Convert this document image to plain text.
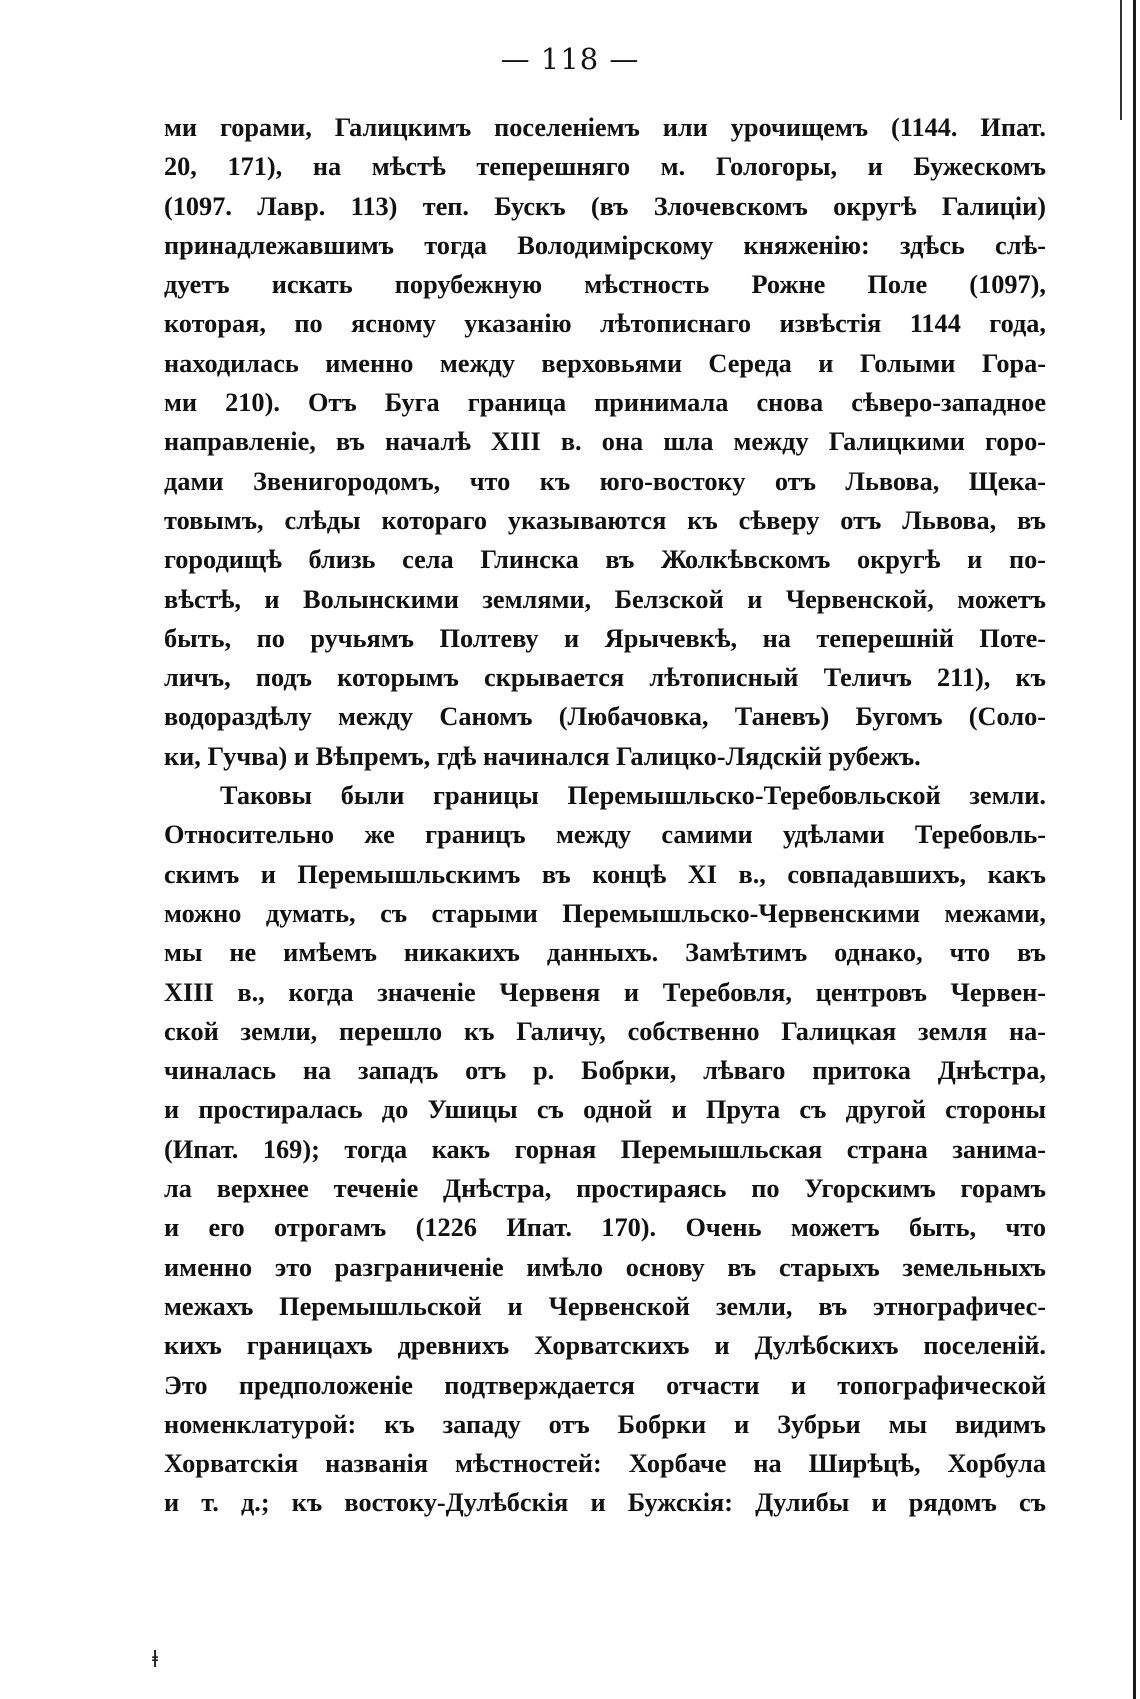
— 118 —
ми горами, Галицкимъ поселеніемъ или урочищемъ (1144. Ипат.
20, 171), на мѣстѣ теперешняго м. Гологоры, и Бужескомъ
(1097. Лавр. 113) теп. Бускъ (въ Злочевскомъ округѣ Галиціи)
принадлежавшимъ тогда Володимірскому княженію: здѣсь слѣ-
дуетъ искать порубежную мѣстность Рожне Поле (1097),
которая, по ясному указанію лѣтописнаго извѣстія 1144 года,
находилась именно между верховьями Середа и Голыми Гора-
ми 210). Отъ Буга граница принимала снова сѣверо-западное
направленіе, въ началѣ XIII в. она шла между Галицкими горо-
дами Звенигородомъ, что къ юго-востоку отъ Львова, Щека-
товымъ, слѣды котораго указываются къ сѣверу отъ Львова, въ
городищѣ близь села Глинска въ Жолкѣвскомъ округѣ и по-
вѣстѣ, и Волынскими землями, Белзской и Червенской, можетъ
быть, по ручьямъ Полтеву и Ярычевкѣ, на теперешній Поте-
личъ, подъ которымъ скрывается лѣтописный Теличъ 211), къ
водораздѣлу между Саномъ (Любачовка, Таневъ) Бугомъ (Соло-
ки, Гучва) и Вѣпремъ, гдѣ начинался Галицко-Лядскій рубежъ.
Таковы были границы Перемышльско-Теребовльской земли.
Относительно же границъ между самими удѣлами Теребовль-
скимъ и Перемышльскимъ въ концѣ XI в., совпадавшихъ, какъ
можно думать, съ старыми Перемышльско-Червенскими межами,
мы не имѣемъ никакихъ данныхъ. Замѣтимъ однако, что въ
XIII в., когда значеніе Червеня и Теребовля, центровъ Червен-
ской земли, перешло къ Галичу, собственно Галицкая земля на-
чиналась на западъ отъ р. Бобрки, лѣваго притока Днѣстра,
и простиралась до Ушицы съ одной и Прута съ другой стороны
(Ипат. 169); тогда какъ горная Перемышльская страна занима-
ла верхнее теченіе Днѣстра, простираясь по Угорскимъ горамъ
и его отрогамъ (1226 Ипат. 170). Очень можетъ быть, что
именно это разграниченіе имѣло основу въ старыхъ земельныхъ
межахъ Перемышльской и Червенской земли, въ этнографичес-
кихъ границахъ древнихъ Хорватскихъ и Дулѣбскихъ поселеній.
Это предположеніе подтверждается отчасти и топографической
номенклатурой: къ западу отъ Бобрки и Зубрьи мы видимъ
Хорватскія названія мѣстностей: Хорбаче на Ширѣцѣ, Хорбула
и т. д.; къ востоку-Дулѣбскія и Бужскія: Дулибы и рядомъ съ
ⱡ
